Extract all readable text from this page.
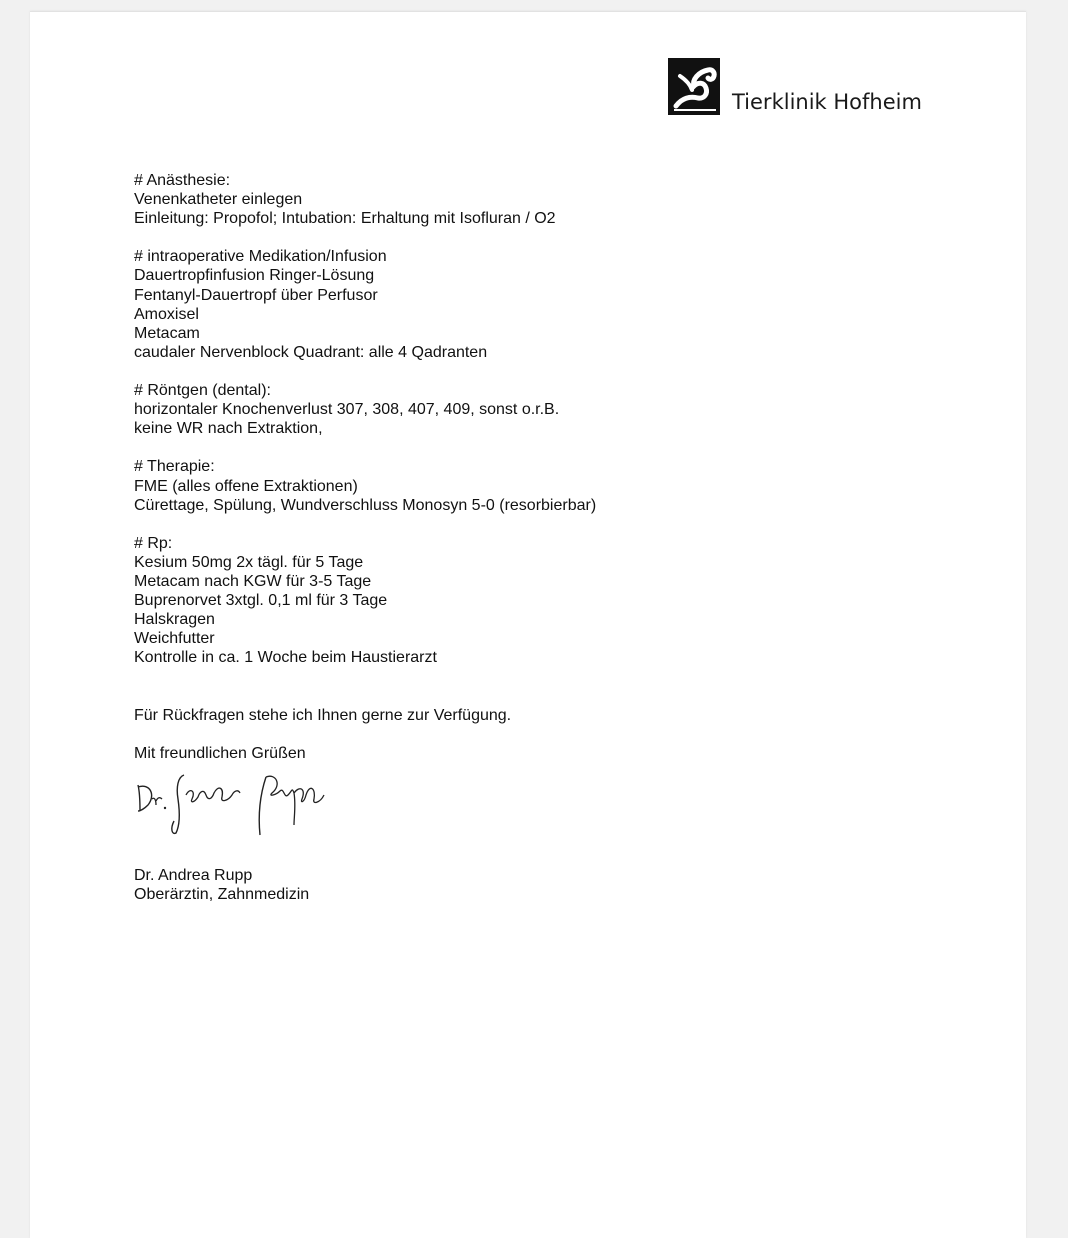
Tierklinik Hofheim
# Anästhesie:
Venenkatheter einlegen
Einleitung: Propofol; Intubation: Erhaltung mit Isofluran / O2
# intraoperative Medikation/Infusion
Dauertropfinfusion Ringer-Lösung
Fentanyl-Dauertropf über Perfusor
Amoxisel
Metacam
caudaler Nervenblock Quadrant: alle 4 Qadranten
# Röntgen (dental):
horizontaler Knochenverlust 307, 308, 407, 409, sonst o.r.B.
keine WR nach Extraktion,
# Therapie:
FME (alles offene Extraktionen)
Cürettage, Spülung, Wundverschluss Monosyn 5-0 (resorbierbar)
# Rp:
Kesium 50mg 2x tägl. für 5 Tage
Metacam nach KGW für 3-5 Tage
Buprenorvet 3xtgl. 0,1 ml für 3 Tage
Halskragen
Weichfutter
Kontrolle in ca. 1 Woche beim Haustierarzt
Für Rückfragen stehe ich Ihnen gerne zur Verfügung.
Mit freundlichen Grüßen
Dr. Andrea Rupp
Oberärztin, Zahnmedizin
